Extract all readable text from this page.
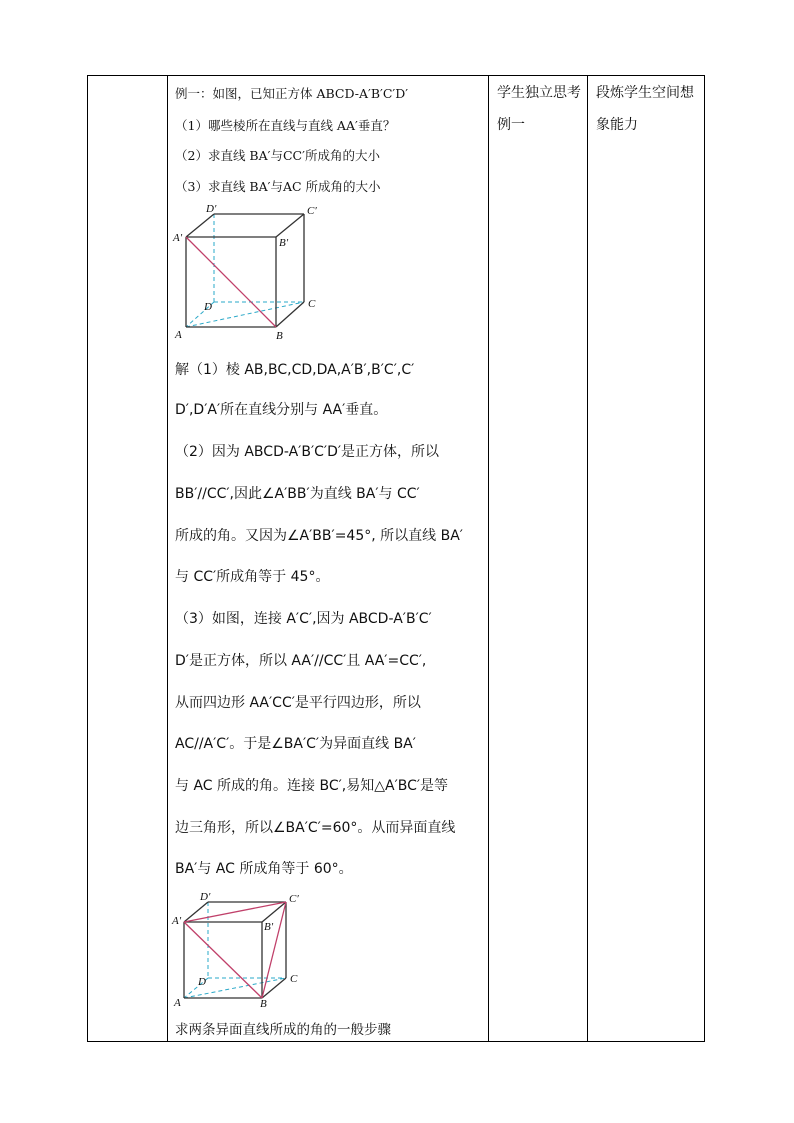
例一：如图，已知正方体 ABCD-A′B′C′D′
（1）哪些棱所在直线与直线 AA′垂直？
（2）求直线 BA′与CC′所成角的大小
（3）求直线 BA′与AC 所成角的大小
D′	C′
A′	B′
D	C
A	B
解（1）棱 AB,BC,CD,DA,A′B′,B′C′,C′
D′,D′A′所在直线分别与 AA′垂直。
（2）因为 ABCD-A′B′C′D′是正方体，所以
BB′//CC′,因此∠A′BB′为直线 BA′与 CC′
所成的角。又因为∠A′BB′=45°, 所以直线 BA′
与 CC′所成角等于 45°。
（3）如图，连接 A′C′,因为 ABCD-A′B′C′
D′是正方体，所以 AA′//CC′且 AA′=CC′,
从而四边形 AA′CC′是平行四边形，所以
AC//A′C′。于是∠BA′C′为异面直线 BA′
与 AC 所成的角。连接 BC′,易知△A′BC′是等
边三角形，所以∠BA′C′=60°。从而异面直线
BA′与 AC 所成角等于 60°。
D′	C′
A′	B′
D	C
A	B
求两条异面直线所成的角的一般步骤
学生独立思考
例一
段炼学生空间想
象能力
